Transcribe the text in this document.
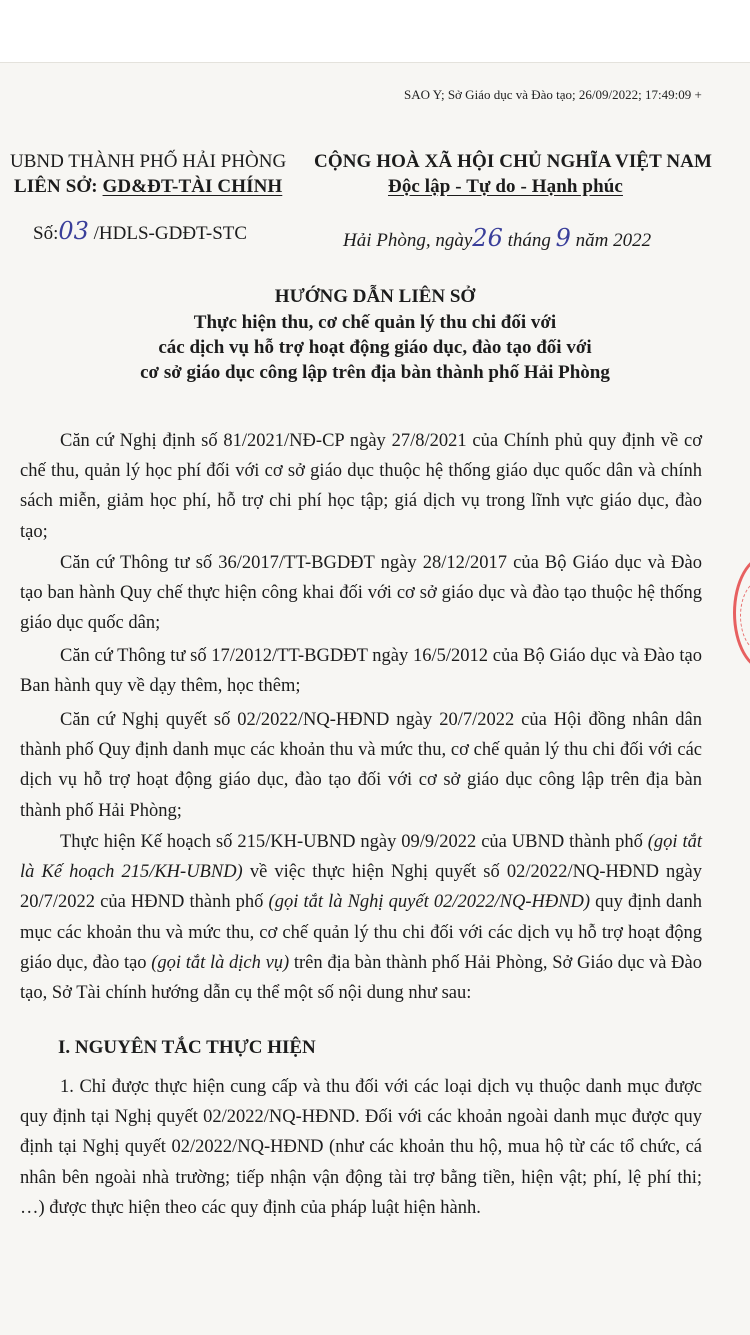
SAO Y; Sở Giáo dục và Đào tạo; 26/09/2022; 17:49:09 +
UBND THÀNH PHỐ HẢI PHÒNG
LIÊN SỞ: GD&ĐT-TÀI CHÍNH
Số:03 /HDLS-GDĐT-STC
CỘNG HOÀ XÃ HỘI CHỦ NGHĨA VIỆT NAM
Độc lập - Tự do - Hạnh phúc
Hải Phòng, ngày26 tháng 9 năm 2022
HƯỚNG DẪN LIÊN SỞ
Thực hiện thu, cơ chế quản lý thu chi đối với
các dịch vụ hỗ trợ hoạt động giáo dục, đào tạo đối với
cơ sở giáo dục công lập trên địa bàn thành phố Hải Phòng
Căn cứ Nghị định số 81/2021/NĐ-CP ngày 27/8/2021 của Chính phủ quy định về cơ chế thu, quản lý học phí đối với cơ sở giáo dục thuộc hệ thống giáo dục quốc dân và chính sách miễn, giảm học phí, hỗ trợ chi phí học tập; giá dịch vụ trong lĩnh vực giáo dục, đào tạo;
Căn cứ Thông tư số 36/2017/TT-BGDĐT ngày 28/12/2017 của Bộ Giáo dục và Đào tạo ban hành Quy chế thực hiện công khai đối với cơ sở giáo dục và đào tạo thuộc hệ thống giáo dục quốc dân;
Căn cứ Thông tư số 17/2012/TT-BGDĐT ngày 16/5/2012 của Bộ Giáo dục và Đào tạo Ban hành quy về dạy thêm, học thêm;
Căn cứ Nghị quyết số 02/2022/NQ-HĐND ngày 20/7/2022 của Hội đồng nhân dân thành phố Quy định danh mục các khoản thu và mức thu, cơ chế quản lý thu chi đối với các dịch vụ hỗ trợ hoạt động giáo dục, đào tạo đối với cơ sở giáo dục công lập trên địa bàn thành phố Hải Phòng;
Thực hiện Kế hoạch số 215/KH-UBND ngày 09/9/2022 của UBND thành phố (gọi tắt là Kế hoạch 215/KH-UBND) về việc thực hiện Nghị quyết số 02/2022/NQ-HĐND ngày 20/7/2022 của HĐND thành phố (gọi tắt là Nghị quyết 02/2022/NQ-HĐND) quy định danh mục các khoản thu và mức thu, cơ chế quản lý thu chi đối với các dịch vụ hỗ trợ hoạt động giáo dục, đào tạo (gọi tắt là dịch vụ) trên địa bàn thành phố Hải Phòng, Sở Giáo dục và Đào tạo, Sở Tài chính hướng dẫn cụ thể một số nội dung như sau:
I. NGUYÊN TẮC THỰC HIỆN
1. Chỉ được thực hiện cung cấp và thu đối với các loại dịch vụ thuộc danh mục được quy định tại Nghị quyết 02/2022/NQ-HĐND. Đối với các khoản ngoài danh mục được quy định tại Nghị quyết 02/2022/NQ-HĐND (như các khoản thu hộ, mua hộ từ các tổ chức, cá nhân bên ngoài nhà trường; tiếp nhận vận động tài trợ bằng tiền, hiện vật; phí, lệ phí thi; …) được thực hiện theo các quy định của pháp luật hiện hành.
